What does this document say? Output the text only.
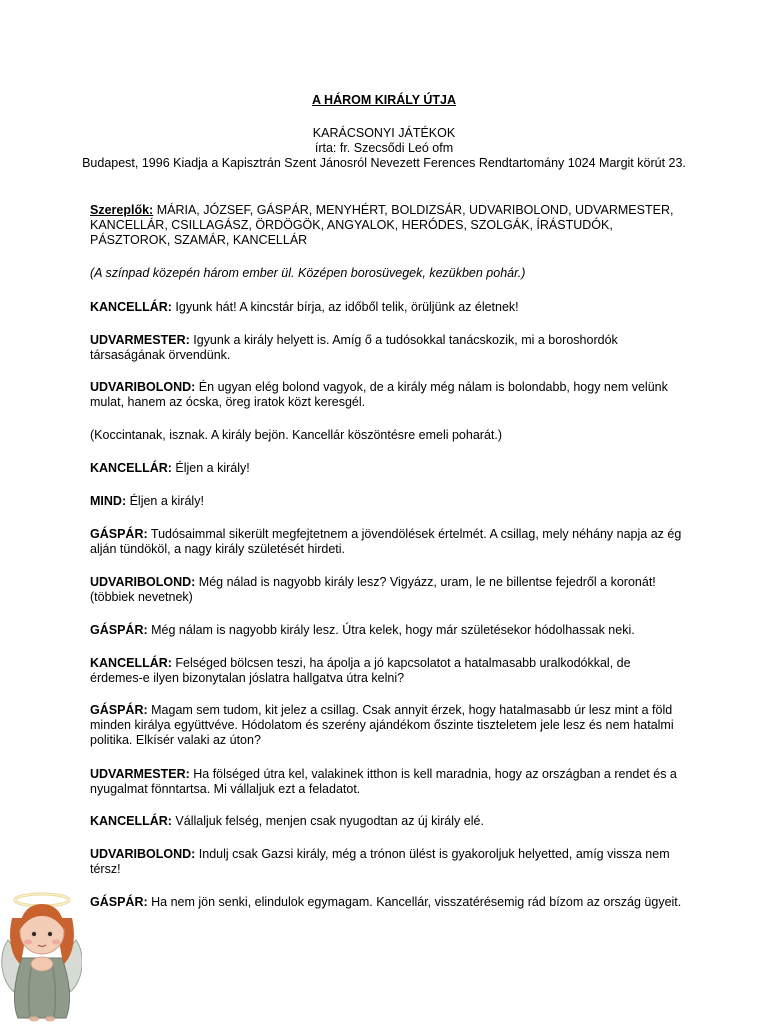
A HÁROM KIRÁLY ÚTJA
KARÁCSONYI JÁTÉKOK
írta: fr. Szecsődi Leó ofm
Budapest, 1996 Kiadja a Kapisztrán Szent Jánosról Nevezett Ferences Rendtartomány 1024 Margit körút 23.

Szereplők: MÁRIA, JÓZSEF, GÁSPÁR, MENYHÉRT, BOLDIZSÁR, UDVARIBOLOND, UDVARMESTER, KANCELLÁR, CSILLAGÁSZ, ÖRDÖGÖK, ANGYALOK, HERÓDES, SZOLGÁK, ÍRÁSTUDÓK, PÁSZTOROK, SZAMÁR, KANCELLÁR

(A színpad közepén három ember ül. Középen borosüvegek, kezükben pohár.)

KANCELLÁR: Igyunk hát! A kincstár bírja, az időből telik, örüljünk az életnek!

UDVARMESTER: Igyunk a király helyett is. Amíg ő a tudósokkal tanácskozik, mi a boroshordók társaságának örvendünk.

UDVARIBOLOND: Én ugyan elég bolond vagyok, de a király még nálam is bolondabb, hogy nem velünk mulat, hanem az ócska, öreg iratok közt keresgél.

(Koccintanak, isznak. A király bejön. Kancellár köszöntésre emeli poharát.)

KANCELLÁR: Éljen a király!

MIND: Éljen a király!

GÁSPÁR: Tudósaimmal sikerült megfejtetnem a jövendölések értelmét. A csillag, mely néhány napja az ég alján tündököl, a nagy király születését hirdeti.

UDVARIBOLOND: Még nálad is nagyobb király lesz? Vigyázz, uram, le ne billentse fejedről a koronát! (többiek nevetnek)

GÁSPÁR: Még nálam is nagyobb király lesz. Útra kelek, hogy már születésekor hódolhassak neki.

KANCELLÁR: Felséged bölcsen teszi, ha ápolja a jó kapcsolatot a hatalmasabb uralkodókkal, de érdemes-e ilyen bizonytalan jóslatra hallgatva útra kelni?

GÁSPÁR: Magam sem tudom, kit jelez a csillag. Csak annyit érzek, hogy hatalmasabb úr lesz mint a föld minden királya együttvéve. Hódolatom és szerény ajándékom őszinte tiszteletem jele lesz és nem hatalmi politika. Elkísér valaki az úton?

UDVARMESTER: Ha fölséged útra kel, valakinek itthon is kell maradnia, hogy az országban a rendet és a nyugalmat fönntartsa. Mi vállaljuk ezt a feladatot.

KANCELLÁR: Vállaljuk felség, menjen csak nyugodtan az új király elé.

UDVARIBOLOND: Indulj csak Gazsi király, még a trónon ülést is gyakoroljuk helyetted, amíg vissza nem térsz!

GÁSPÁR: Ha nem jön senki, elindulok egymagam. Kancellár, visszatérésemig rád bízom az ország ügyeit.
